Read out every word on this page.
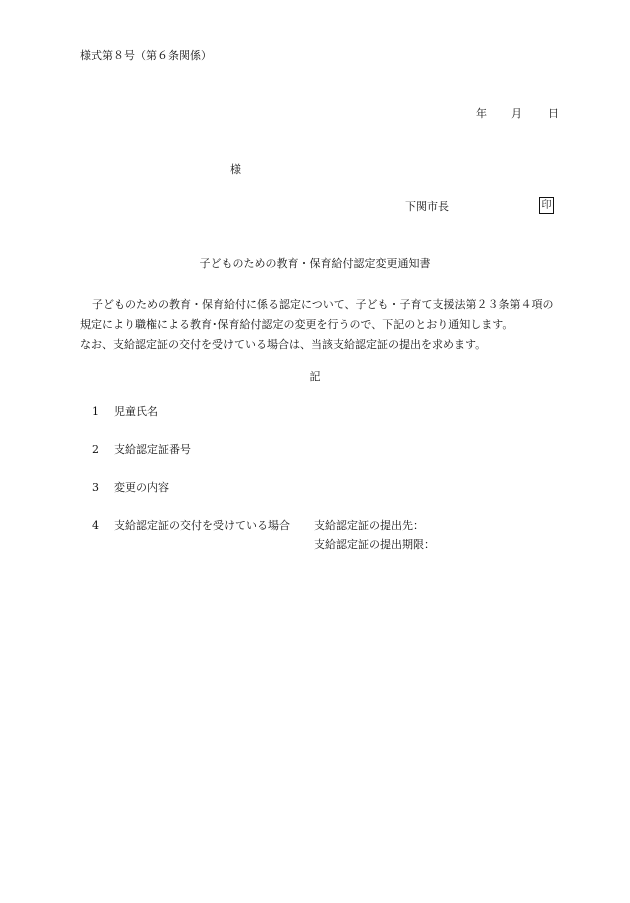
様式第８号（第６条関係）
年 月 日
様
下関市長	印
子どものための教育・保育給付認定変更通知書

子どものための教育・保育給付に係る認定について、子ども・子育て支援法第２３条第４項の規定により職権による教育･保育給付認定の変更を行うので、下記のとおり通知します。

なお、支給認定証の交付を受けている場合は、当該支給認定証の提出を求めます。

記
1 児童氏名
2 支給認定証番号
3 変更の内容
4 支給認定証の交付を受けている場合 支給認定証の提出先：
支給認定証の提出期限：
